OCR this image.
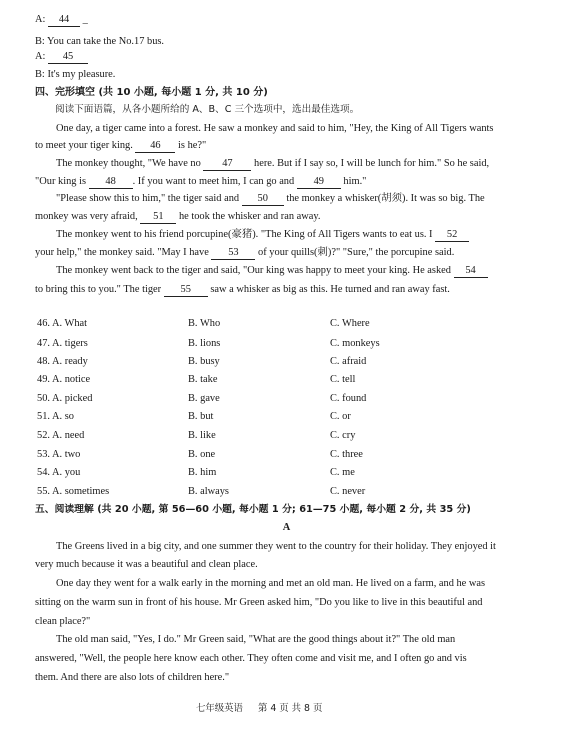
A: 44 _
B: You can take the No.17 bus.
A: 45
B: It's my pleasure.
四、完形填空 (共 10 小题, 每小题 1 分, 共 10 分)
阅读下面语篇，从各小题所给的 A、B、C 三个选项中，选出最佳选项。
One day, a tiger came into a forest. He saw a monkey and said to him, "Hey, the King of All Tigers wants
to meet your tiger king. 46 is he?"
The monkey thought, "We have no 47 here. But if I say so, I will be lunch for him." So he said,
"Our king is 48 . If you want to meet him, I can go and 49 him."
"Please show this to him," the tiger said and 50 the monkey a whisker(胡须). It was so big. The
monkey was very afraid, 51 he took the whisker and ran away.
The monkey went to his friend porcupine(豪猪). "The King of All Tigers wants to eat us. I 52
your help," the monkey said. "May I have 53 of your quills(刺)?" "Sure," the porcupine said.
The monkey went back to the tiger and said, "Our king was happy to meet your king. He asked 54
to bring this to you." The tiger 55 saw a whisker as big as this. He turned and ran away fast.
46. A. What	B. Who	C. Where
47. A. tigers	B. lions	C. monkeys
48. A. ready	B. busy	C. afraid
49. A. notice	B. take	C. tell
50. A. picked	B. gave	C. found
51. A. so	B. but	C. or
52. A. need	B. like	C. cry
53. A. two	B. one	C. three
54. A. you	B. him	C. me
55. A. sometimes	B. always	C. never
五、阅读理解 (共 20 小题, 第 56—60 小题, 每小题 1 分; 61—75 小题, 每小题 2 分, 共 35 分)
A
The Greens lived in a big city, and one summer they went to the country for their holiday. They enjoyed it
very much because it was a beautiful and clean place.
One day they went for a walk early in the morning and met an old man. He lived on a farm, and he was
sitting on the warm sun in front of his house. Mr Green asked him, "Do you like to live in this beautiful and
clean place?"
The old man said, "Yes, I do." Mr Green said, "What are the good things about it?" The old man
answered, "Well, the people here know each other. They often come and visit me, and I often go and vis
them. And there are also lots of children here."
七年级英语 第 4 页 共 8 页
